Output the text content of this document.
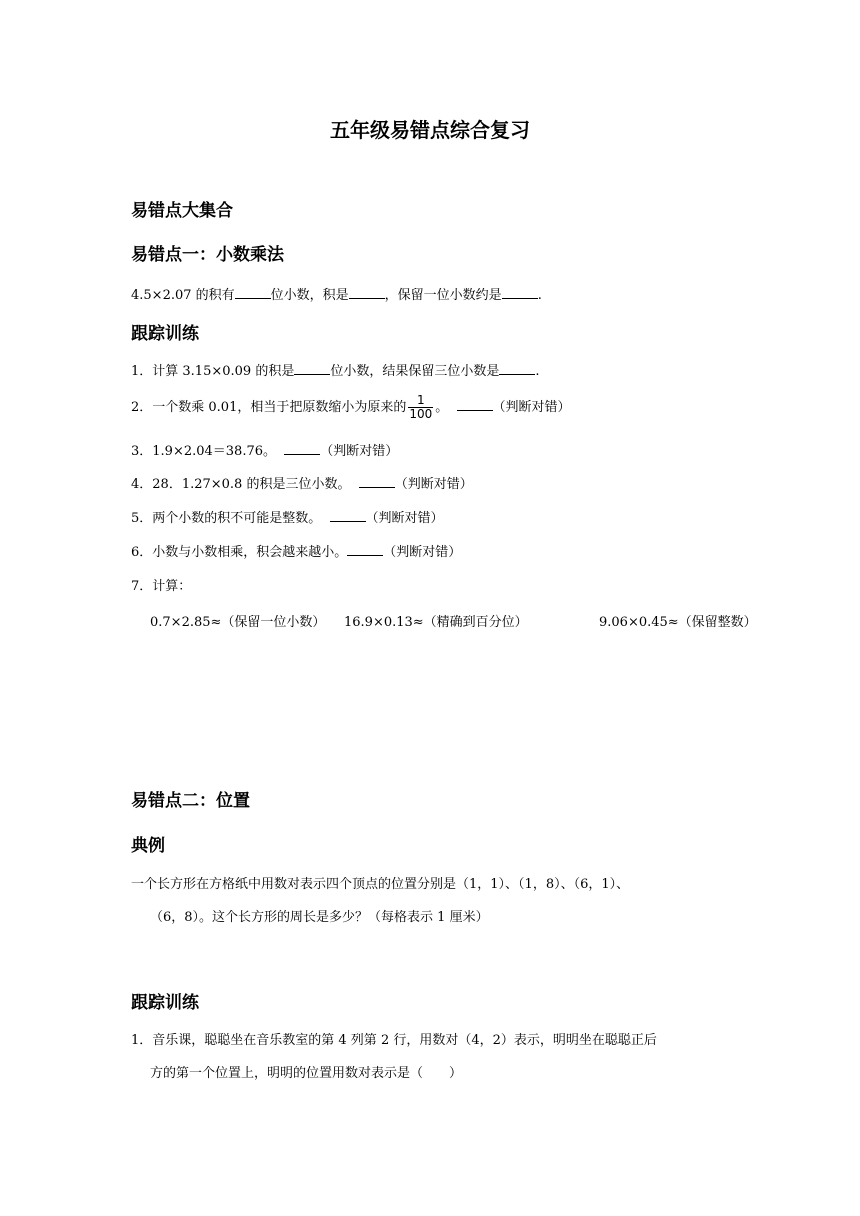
五年级易错点综合复习
易错点大集合
易错点一：小数乘法
4.5×2.07 的积有	位小数，积是	，保留一位小数约是	.
跟踪训练
1．计算 3.15×0.09 的积是	位小数，结果保留三位小数是	.
2．一个数乘 0.01，相当于把原数缩小为原来的 $\frac{1}{100}$ 。	（判断对错）
3．1.9×2.04＝38.76。	（判断对错）
4．28．1.27×0.8 的积是三位小数。	（判断对错）
5．两个小数的积不可能是整数。	（判断对错）
6．小数与小数相乘，积会越来越小。	（判断对错）
7．计算：
0.7×2.85≈（保留一位小数） 16.9×0.13≈（精确到百分位）	9.06×0.45≈（保留整数）
易错点二：位置
典例
一个长方形在方格纸中用数对表示四个顶点的位置分别是（1，1）、（1，8）、（6，1）、
（6，8）。这个长方形的周长是多少？（每格表示 1 厘米）
跟踪训练
1．音乐课，聪聪坐在音乐教室的第 4 列第 2 行，用数对（4，2）表示，明明坐在聪聪正后
方的第一个位置上，明明的位置用数对表示是（　　）
